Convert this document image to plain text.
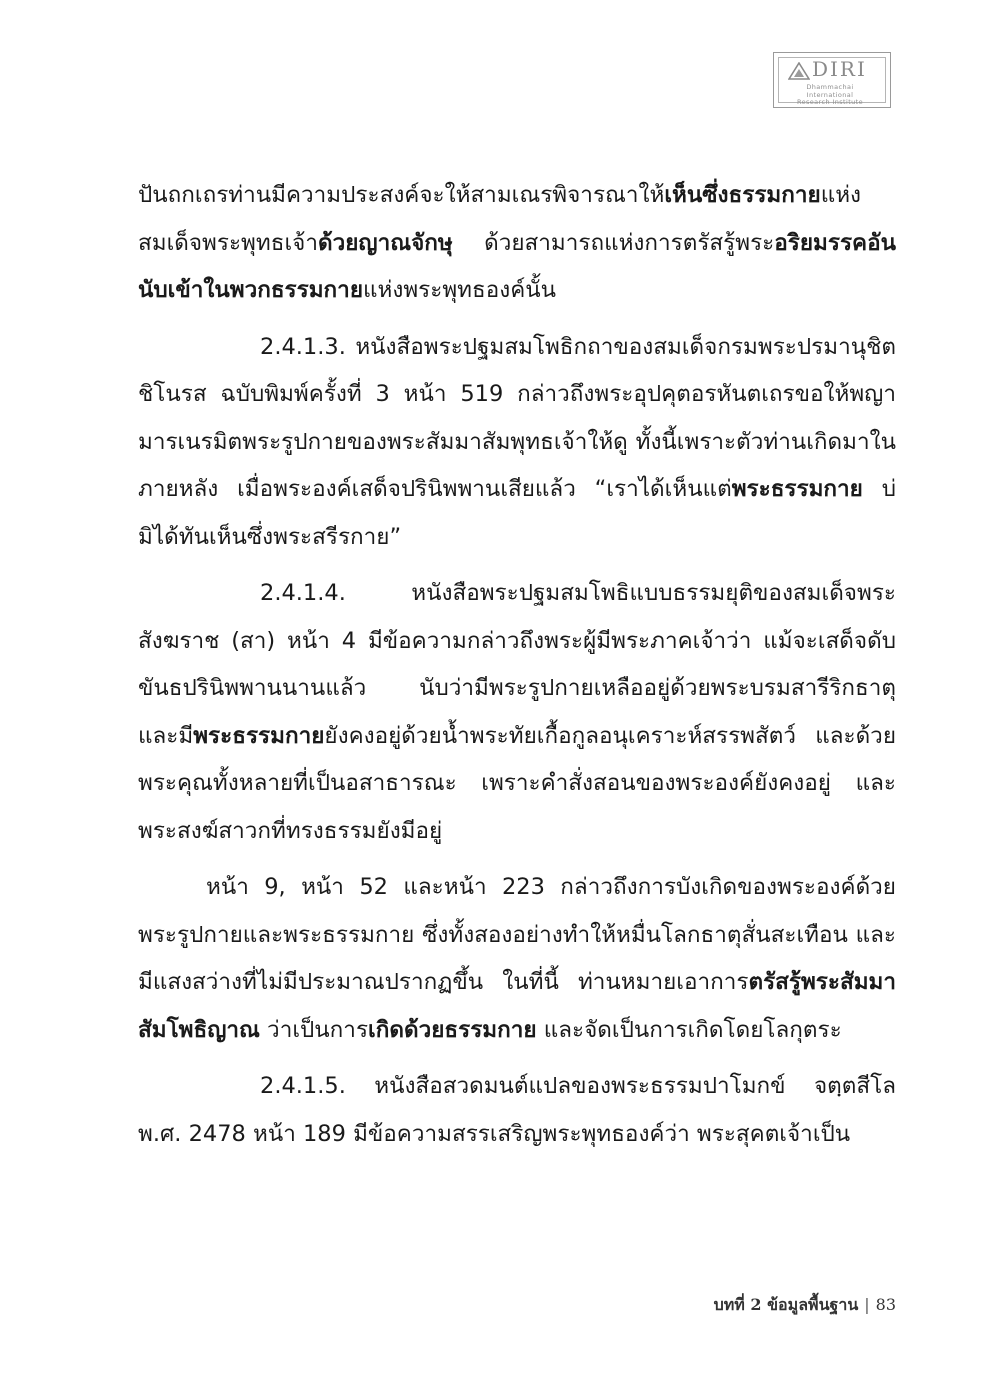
DIRI
Dhammachai International
Research Institute

ปันถกเถรท่านมีความประสงค์จะให้สามเณรพิจารณาให้เห็นซึ่งธรรมกายแห่งสมเด็จพระพุทธเจ้าด้วยญาณจักษุ ด้วยสามารถแห่งการตรัสรู้พระอริยมรรคอันนับเข้าในพวกธรรมกายแห่งพระพุทธองค์นั้น

2.4.1.3. หนังสือพระปฐมสมโพธิกถาของสมเด็จกรมพระปรมานุชิตชิโนรส ฉบับพิมพ์ครั้งที่ 3 หน้า 519 กล่าวถึงพระอุปคุตอรหันตเถรขอให้พญามารเนรมิตพระรูปกายของพระสัมมาสัมพุทธเจ้าให้ดู ทั้งนี้เพราะตัวท่านเกิดมาในภายหลัง เมื่อพระองค์เสด็จปรินิพพานเสียแล้ว “เราได้เห็นแต่พระธรรมกาย บ่มิได้ทันเห็นซึ่งพระสรีรกาย”

2.4.1.4. หนังสือพระปฐมสมโพธิแบบธรรมยุติของสมเด็จพระสังฆราช (สา) หน้า 4 มีข้อความกล่าวถึงพระผู้มีพระภาคเจ้าว่า แม้จะเสด็จดับขันธปรินิพพานนานแล้ว นับว่ามีพระรูปกายเหลืออยู่ด้วยพระบรมสารีริกธาตุ และมีพระธรรมกายยังคงอยู่ด้วยน้ำพระทัยเกื้อกูลอนุเคราะห์สรรพสัตว์ และด้วยพระคุณทั้งหลายที่เป็นอสาธารณะ เพราะคำสั่งสอนของพระองค์ยังคงอยู่ และพระสงฆ์สาวกที่ทรงธรรมยังมีอยู่

หน้า 9, หน้า 52 และหน้า 223 กล่าวถึงการบังเกิดของพระองค์ด้วยพระรูปกายและพระธรรมกาย ซึ่งทั้งสองอย่างทำให้หมื่นโลกธาตุสั่นสะเทือน และมีแสงสว่างที่ไม่มีประมาณปรากฏขึ้น ในที่นี้ ท่านหมายเอาการตรัสรู้พระสัมมาสัมโพธิญาณ ว่าเป็นการเกิดด้วยธรรมกาย และจัดเป็นการเกิดโดยโลกุตระ

2.4.1.5. หนังสือสวดมนต์แปลของพระธรรมปาโมกข์ จตฺตสีโล พ.ศ. 2478 หน้า 189 มีข้อความสรรเสริญพระพุทธองค์ว่า พระสุคตเจ้าเป็น

บทที่ 2 ข้อมูลพื้นฐาน | 83
